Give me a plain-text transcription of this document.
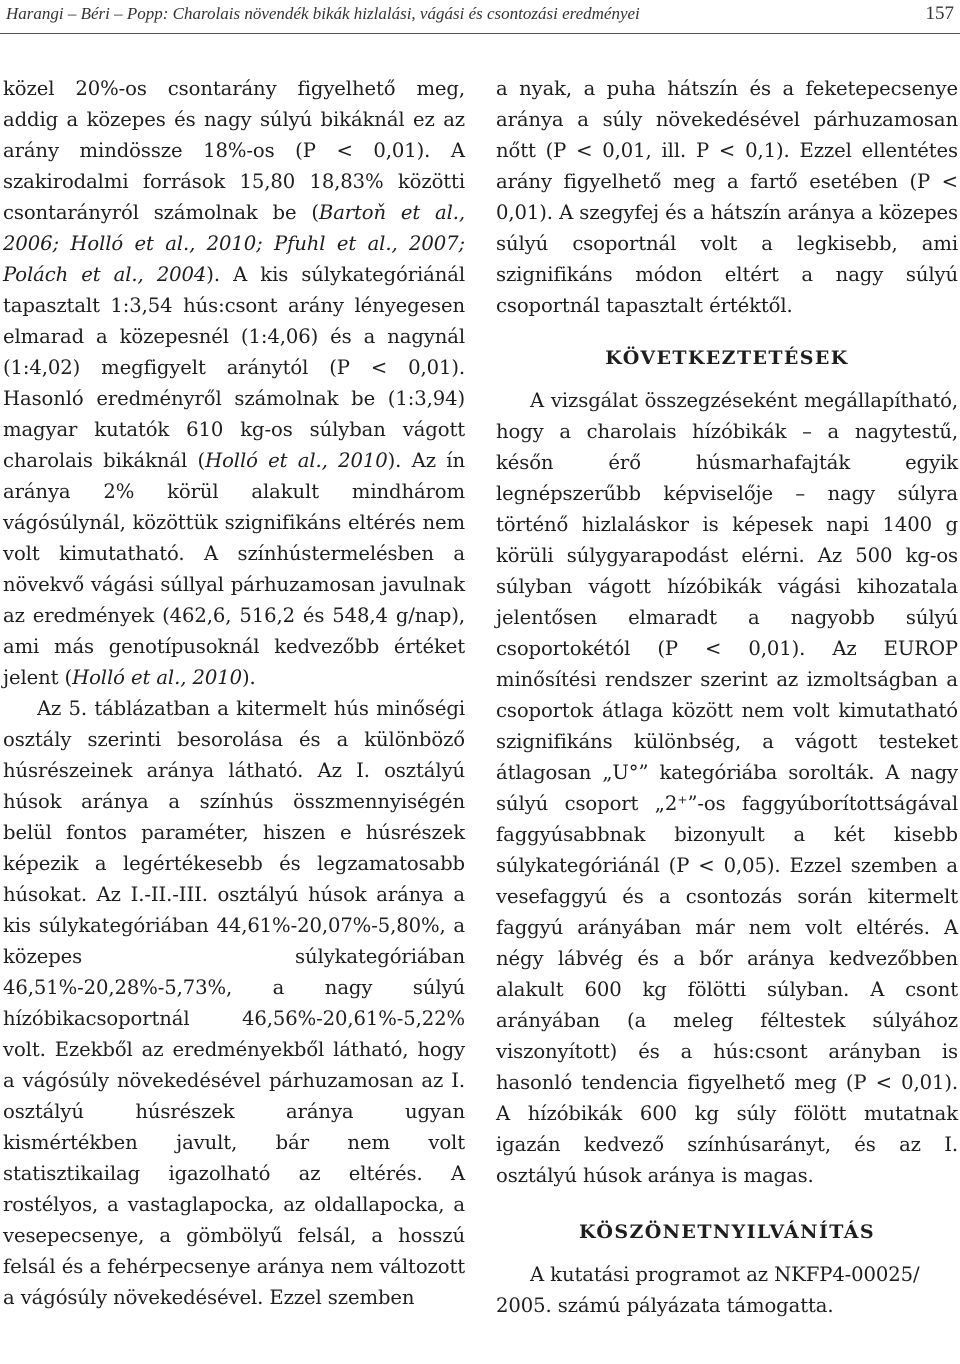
Harangi – Béri – Popp: Charolais növendék bikák hizlalási, vágási és csontozási eredményei	157

közel 20%-os csontarány figyelhető meg, addig a közepes és nagy súlyú bikáknál ez az arány mindössze 18%-os (P < 0,01). A szakirodalmi források 15,80 18,83% közötti csontarányról számolnak be (Bartoň et al., 2006; Holló et al., 2010; Pfuhl et al., 2007; Polách et al., 2004). A kis súlykategóriánál tapasztalt 1:3,54 hús:csont arány lényegesen elmarad a közepesnél (1:4,06) és a nagynál (1:4,02) megfigyelt aránytól (P < 0,01). Hasonló eredményről számolnak be (1:3,94) magyar kutatók 610 kg-os súlyban vágott charolais bikáknál (Holló et al., 2010). Az ín aránya 2% körül alakult mindhárom vágósúlynál, közöttük szignifikáns eltérés nem volt kimutatható. A színhústermelésben a növekvő vágási súllyal párhuzamosan javulnak az eredmények (462,6, 516,2 és 548,4 g/nap), ami más genotípusoknál kedvezőbb értéket jelent (Holló et al., 2010).

Az 5. táblázatban a kitermelt hús minőségi osztály szerinti besorolása és a különböző húsrészeinek aránya látható. Az I. osztályú húsok aránya a színhús összmennyiségén belül fontos paraméter, hiszen e húsrészek képezik a legértékesebb és legzamatosabb húsokat. Az I.-II.-III. osztályú húsok aránya a kis súlykategóriában 44,61%-20,07%-5,80%, a közepes súlykategóriában 46,51%-20,28%-5,73%, a nagy súlyú hízóbikacsoportnál 46,56%-20,61%-5,22% volt. Ezekből az eredményekből látható, hogy a vágósúly növekedésével párhuzamosan az I. osztályú húsrészek aránya ugyan kismértékben javult, bár nem volt statisztikailag igazolható az eltérés. A rostélyos, a vastaglapocka, az oldallapocka, a vesepecsenye, a gömbölyű felsál, a hosszú felsál és a fehérpecsenye aránya nem változott a vágósúly növekedésével. Ezzel szemben

a nyak, a puha hátszín és a feketepecsenye aránya a súly növekedésével párhuzamosan nőtt (P < 0,01, ill. P < 0,1). Ezzel ellentétes arány figyelhető meg a fartő esetében (P < 0,01). A szegyfej és a hátszín aránya a közepes súlyú csoportnál volt a legkisebb, ami szignifikáns módon eltért a nagy súlyú csoportnál tapasztalt értéktől.

KÖVETKEZTETÉSEK

A vizsgálat összegzéseként megállapítható, hogy a charolais hízóbikák – a nagytestű, későn érő húsmarhafajták egyik legnépszerűbb képviselője – nagy súlyra történő hizlaláskor is képesek napi 1400 g körüli súlygyarapodást elérni. Az 500 kg-os súlyban vágott hízóbikák vágási kihozatala jelentősen elmaradt a nagyobb súlyú csoportokétól (P < 0,01). Az EUROP minősítési rendszer szerint az izmoltságban a csoportok átlaga között nem volt kimutatható szignifikáns különbség, a vágott testeket átlagosan „U°” kategóriába sorolták. A nagy súlyú csoport „2⁺”-os faggyúborítottságával faggyúsabbnak bizonyult a két kisebb súlykategóriánál (P < 0,05). Ezzel szemben a vesefaggyú és a csontozás során kitermelt faggyú arányában már nem volt eltérés. A négy lábvég és a bőr aránya kedvezőbben alakult 600 kg fölötti súlyban. A csont arányában (a meleg féltestek súlyához viszonyított) és a hús:csont arányban is hasonló tendencia figyelhető meg (P < 0,01). A hízóbikák 600 kg súly fölött mutatnak igazán kedvező színhúsarányt, és az I. osztályú húsok aránya is magas.

KÖSZÖNETNYILVÁNÍTÁS

A kutatási programot az NKFP4-00025/

2005. számú pályázata támogatta.
